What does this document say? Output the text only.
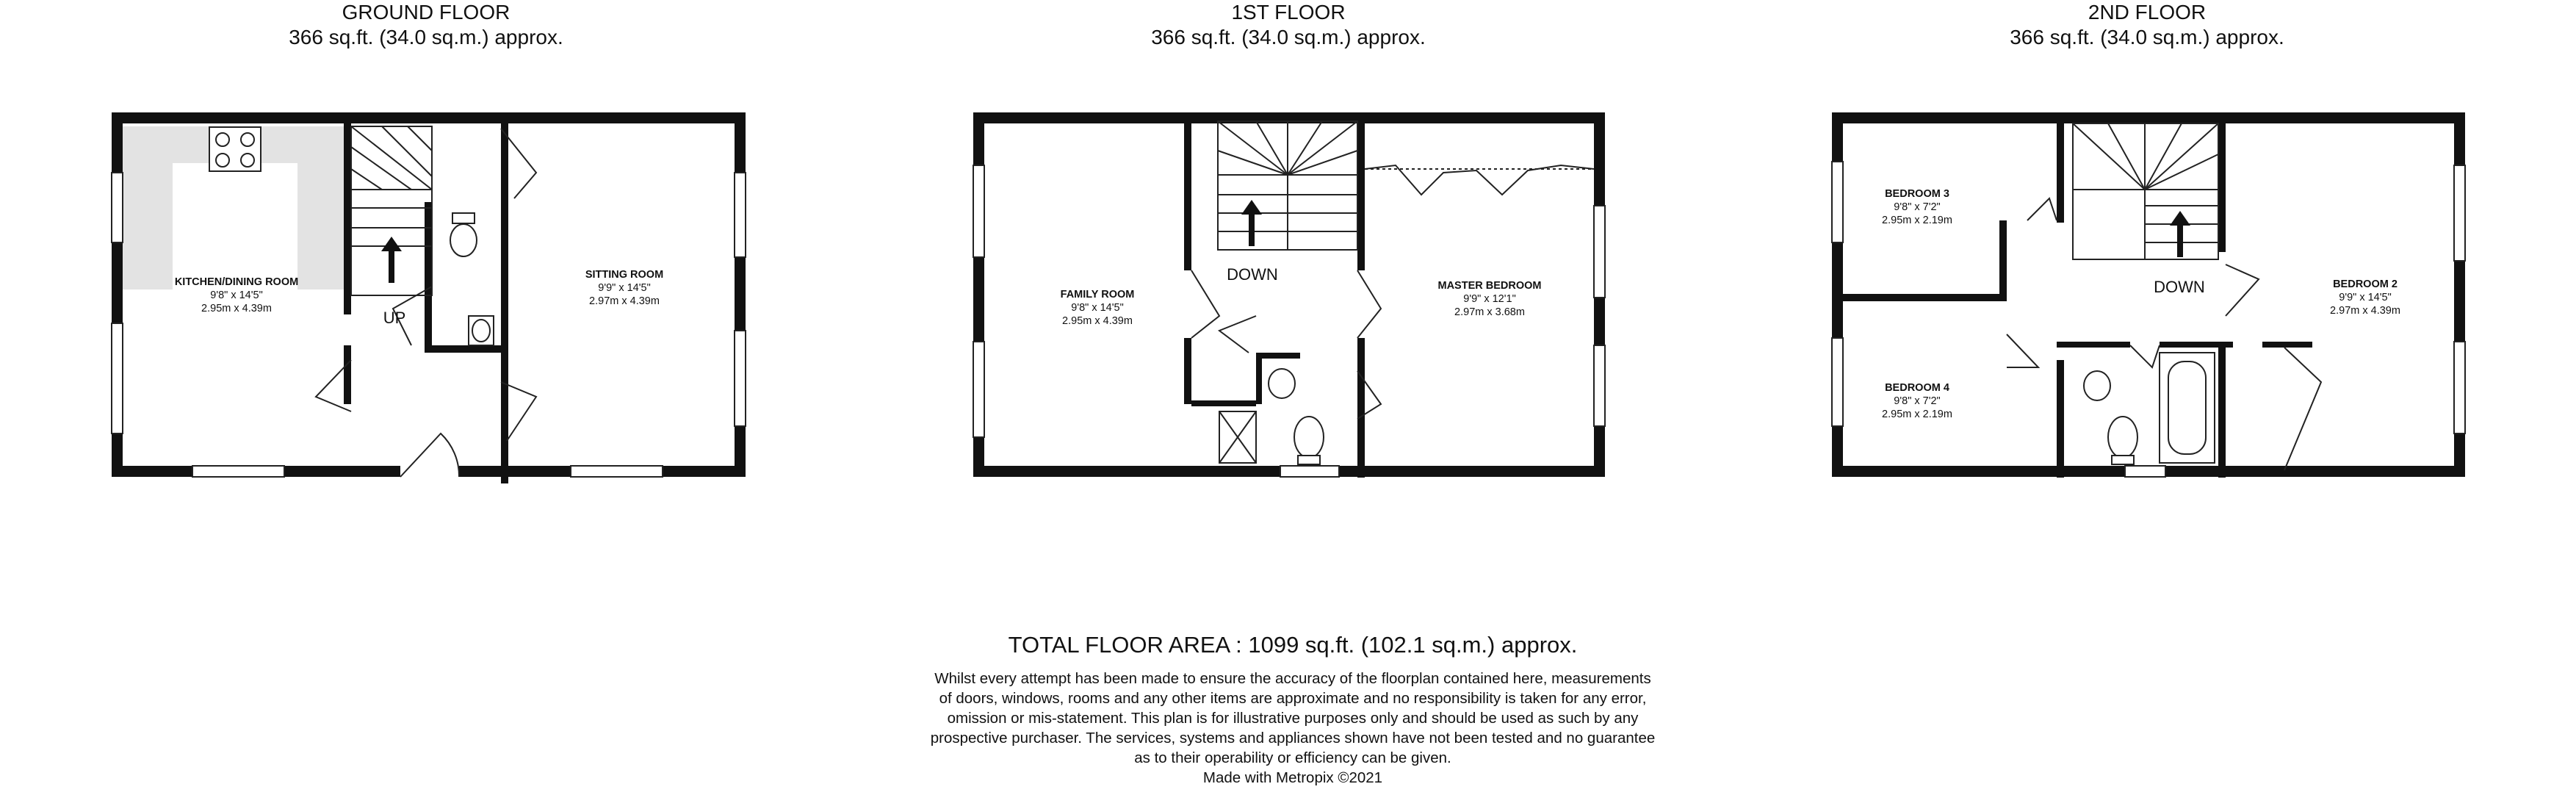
GROUND FLOOR
366 sq.ft. (34.0 sq.m.) approx.
1ST FLOOR
366 sq.ft. (34.0 sq.m.) approx.
2ND FLOOR
366 sq.ft. (34.0 sq.m.) approx.
KITCHEN/DINING ROOM
9'8" x 14'5"
2.95m x 4.39m
SITTING ROOM
9'9" x 14'5"
2.97m x 4.39m
UP
FAMILY ROOM
9'8" x 14'5"
2.95m x 4.39m
MASTER BEDROOM
9'9" x 12'1"
2.97m x 3.68m
DOWN
BEDROOM 3
9'8" x 7'2"
2.95m x 2.19m
BEDROOM 4
9'8" x 7'2"
2.95m x 2.19m
BEDROOM 2
9'9" x 14'5"
2.97m x 4.39m
DOWN
TOTAL FLOOR AREA : 1099 sq.ft. (102.1 sq.m.) approx.
Whilst every attempt has been made to ensure the accuracy of the floorplan contained here, measurements
of doors, windows, rooms and any other items are approximate and no responsibility is taken for any error,
omission or mis-statement. This plan is for illustrative purposes only and should be used as such by any
prospective purchaser. The services, systems and appliances shown have not been tested and no guarantee
as to their operability or efficiency can be given.
Made with Metropix ©2021
